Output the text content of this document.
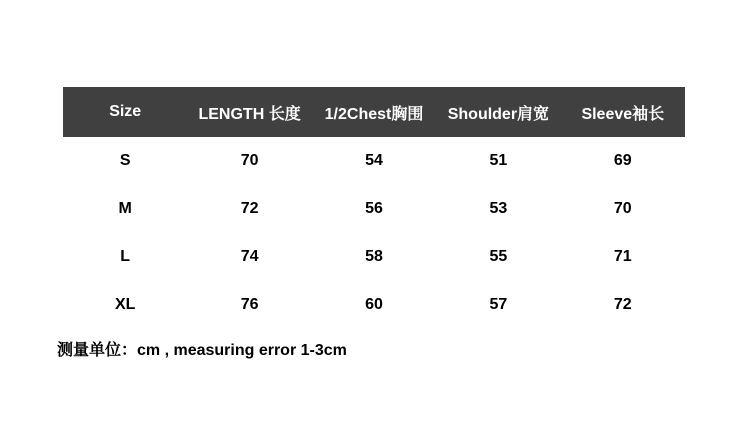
Size	LENGTH 长度	1/2Chest胸围	Shoulder肩宽	Sleeve袖长
S	70	54	51	69
M	72	56	53	70
L	74	58	55	71
XL	76	60	57	72
测量单位：cm , measuring error 1-3cm
